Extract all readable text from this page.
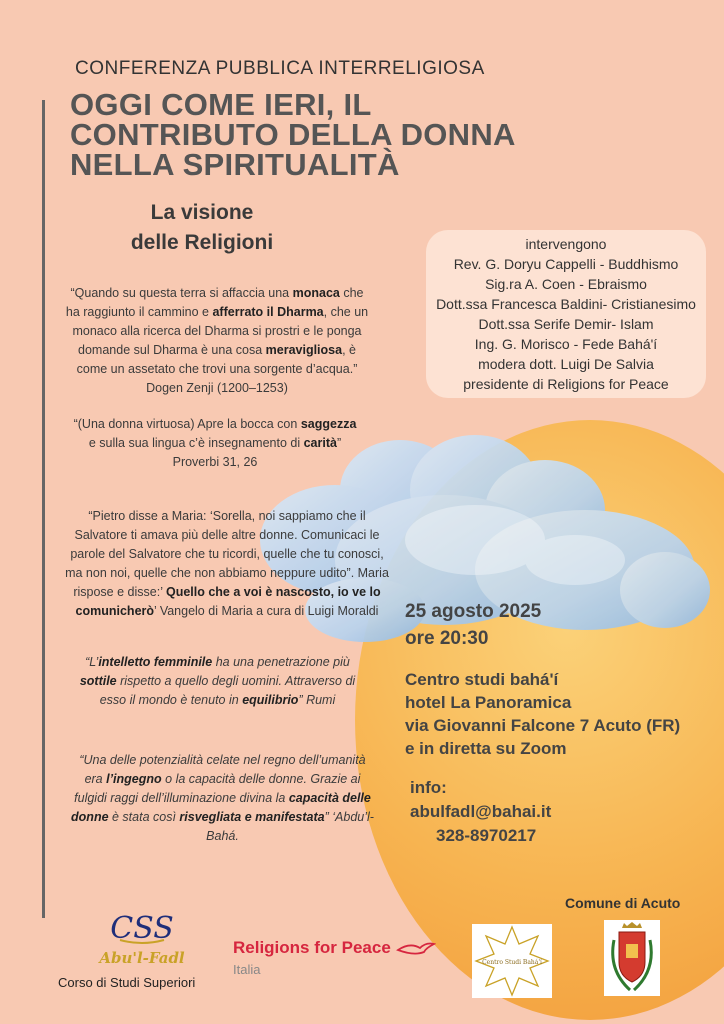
CONFERENZA PUBBLICA INTERRELIGIOSA
OGGI COME IERI, IL
CONTRIBUTO DELLA DONNA
NELLA SPIRITUALITÀ
La visione
delle Religioni	intervengono
Rev. G. Doryu Cappelli - Buddhismo
Sig.ra A. Coen - Ebraismo
Dott.ssa Francesca Baldini- Cristianesimo
Dott.ssa Serife Demir- Islam
Ing. G. Morisco - Fede Bahá'í
modera dott. Luigi De Salvia
presidente di Religions for Peace
“Quando su questa terra si affaccia una monaca che ha raggiunto il cammino e afferrato il Dharma, che un monaco alla ricerca del Dharma si prostri e le ponga domande sul Dharma è una cosa meravigliosa, è come un assetato che trovi una sorgente d’acqua.” Dogen Zenji (1200–1253)
“(Una donna virtuosa) Apre la bocca con saggezza e sulla sua lingua c’è insegnamento di carità” Proverbi 31, 26
“Pietro disse a Maria: ‘Sorella, noi sappiamo che il Salvatore ti amava più delle altre donne. Comunicaci le parole del Salvatore che tu ricordi, quelle che tu conosci, ma non noi, quelle che non abbiamo neppure udito”. Maria rispose e disse:’ Quello che a voi è nascosto, io ve lo comunicherò’ Vangelo di Maria a cura di Luigi Moraldi
“L’intelletto femminile ha una penetrazione più sottile rispetto a quello degli uomini. Attraverso di esso il mondo è tenuto in equilibrio” Rumi
“Una delle potenzialità celate nel regno dell’umanità era l’ingegno o la capacità delle donne. Grazie ai fulgidi raggi dell’illuminazione divina la capacità delle donne è stata così risvegliata e manifestata” ‘Abdu’l-Bahá.
25 agosto 2025
ore 20:30
Centro studi bahá'í
hotel La Panoramica
via Giovanni Falcone 7 Acuto (FR)
e in diretta su Zoom
info:
abulfadl@bahai.it
328-8970217
Comune di Acuto
Centro Studi Bahá'í
CSS
Abu'l-Fadl
Corso di Studi Superiori
Religions for Peace
Italia
